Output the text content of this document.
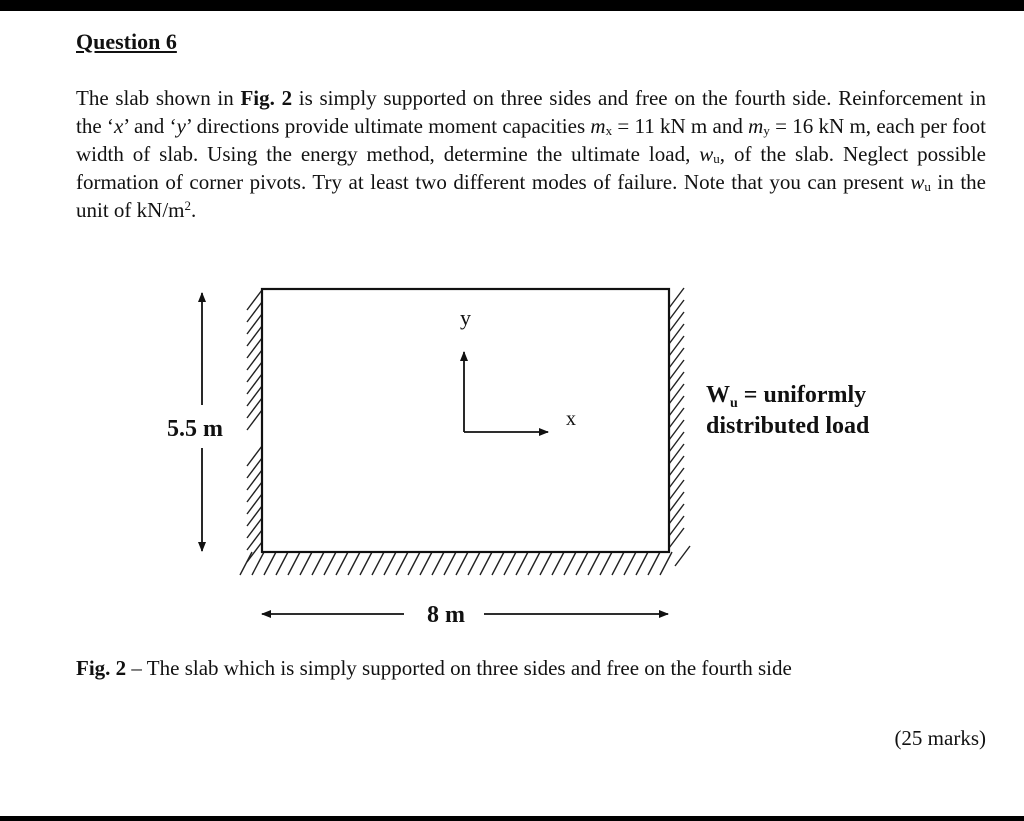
Question 6
The slab shown in Fig. 2 is simply supported on three sides and free on the fourth side. Reinforcement in the ‘x’ and ‘y’ directions provide ultimate moment capacities $m_x = 11$ kN m and $m_y = 16$ kN m, each per foot width of slab. Using the energy method, determine the ultimate load, $w_u$, of the slab. Neglect possible formation of corner pivots. Try at least two different modes of failure. Note that you can present $w_u$ in the unit of $kN/m^2$.
5.5 m
8 m
y
x
$W_u$ = uniformly
distributed load
Fig. 2 – The slab which is simply supported on three sides and free on the fourth side
(25 marks)
